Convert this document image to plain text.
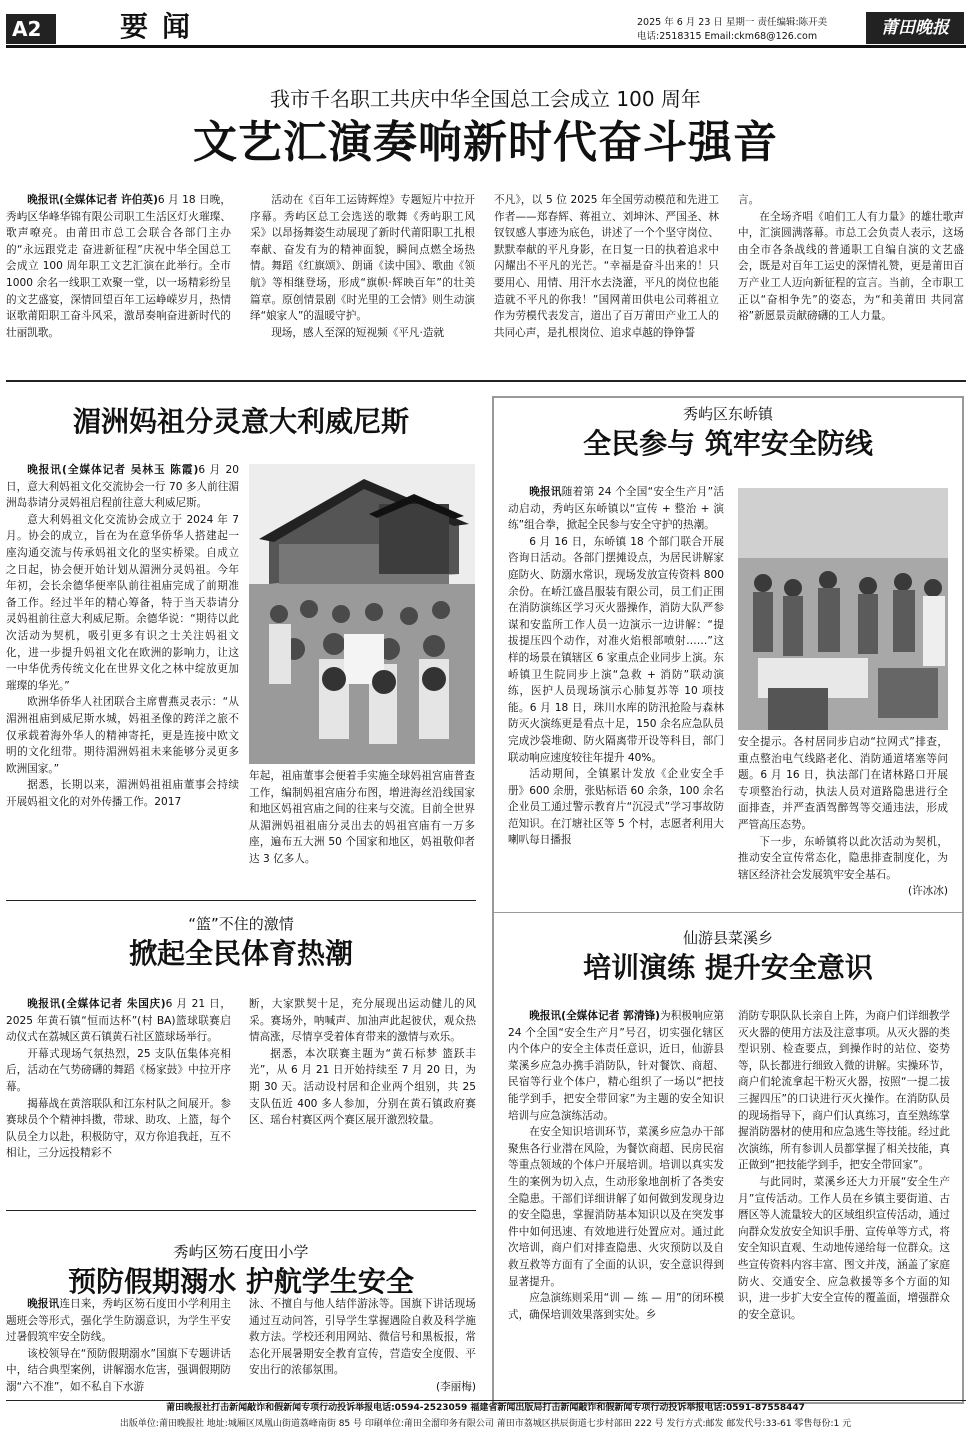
A2	要闻	2025 年 6 月 23 日 星期一 责任编辑:陈开美
电话:2518315 Email:ckm68@126.com	莆田晚报
我市千名职工共庆中华全国总工会成立 100 周年
文艺汇演奏响新时代奋斗强音

晚报讯(全媒体记者 许伯英)6 月 18 日晚，秀屿区华峰华锦有限公司职工生活区灯火璀璨、歌声嘹亮。由莆田市总工会联合各部门主办的“永远跟党走 奋进新征程”庆祝中华全国总工会成立 100 周年职工文艺汇演在此举行。全市 1000 余名一线职工欢聚一堂，以一场精彩纷呈的文艺盛宴，深情回望百年工运峥嵘岁月，热情讴歌莆阳职工奋斗风采，激昂奏响奋进新时代的壮丽凯歌。

活动在《百年工运铸辉煌》专题短片中拉开序幕。秀屿区总工会选送的歌舞《秀屿职工风采》以昂扬舞姿生动展现了新时代莆阳职工扎根奉献、奋发有为的精神面貌，瞬间点燃全场热情。舞蹈《红旗颂》、朗诵《读中国》、歌曲《领航》等相继登场，形成“旗帜·辉映百年”的壮美篇章。原创情景剧《时光里的工会情》则生动演绎“娘家人”的温暖守护。

现场，感人至深的短视频《平凡·造就

不凡》，以 5 位 2025 年全国劳动模范和先进工作者——郑春辉、蒋祖立、刘坤沐、严国圣、林钗钗感人事迹为底色，讲述了一个个坚守岗位、默默奉献的平凡身影，在日复一日的执着追求中闪耀出不平凡的光芒。“幸福是奋斗出来的！只要用心、用情、用汗水去浇灌，平凡的岗位也能造就不平凡的你我！”国网莆田供电公司蒋祖立作为劳模代表发言，道出了百万莆田产业工人的共同心声，是扎根岗位、追求卓越的铮铮誓

言。

在全场齐唱《咱们工人有力量》的雄壮歌声中，汇演圆满落幕。市总工会负责人表示，这场由全市各条战线的普通职工自编自演的文艺盛会，既是对百年工运史的深情礼赞，更是莆田百万产业工人迈向新征程的宣言。当前，全市职工正以“奋相争先”的姿态，为“和美莆田 共同富裕”新愿景贡献磅礴的工人力量。

湄洲妈祖分灵意大利威尼斯

晚报讯(全媒体记者 吴林玉 陈霞)6 月 20 日，意大利妈祖文化交流协会一行 70 多人前往湄洲岛恭请分灵妈祖启程前往意大利威尼斯。

意大利妈祖文化交流协会成立于 2024 年 7 月。协会的成立，旨在为在意华侨华人搭建起一座沟通交流与传承妈祖文化的坚实桥梁。自成立之日起，协会便开始计划从湄洲分灵妈祖。今年年初，会长余德华便率队前往祖庙完成了前期准备工作。经过半年的精心筹备，特于当天恭请分灵妈祖前往意大利威尼斯。余德华说：“期待以此次活动为契机，吸引更多有识之士关注妈祖文化，进一步提升妈祖文化在欧洲的影响力，让这一中华优秀传统文化在世界文化之林中绽放更加璀璨的华光。”

欧洲华侨华人社团联合主席曹燕灵表示：“从湄洲祖庙到威尼斯水城，妈祖圣像的跨洋之旅不仅承载着海外华人的精神寄托，更是连接中欧文明的文化纽带。期待湄洲妈祖未来能够分灵更多欧洲国家。”

据悉，长期以来，湄洲妈祖祖庙董事会持续开展妈祖文化的对外传播工作。2017

年起，祖庙董事会便着手实施全球妈祖宫庙普查工作，编制妈祖宫庙分布图，增进海丝沿线国家和地区妈祖宫庙之间的往来与交流。目前全世界从湄洲妈祖祖庙分灵出去的妈祖宫庙有一万多座，遍布五大洲 50 个国家和地区，妈祖敬仰者达 3 亿多人。

秀屿区东峤镇
全民参与 筑牢安全防线

晚报讯随着第 24 个全国“安全生产月”活动启动，秀屿区东峤镇以“宣传 + 整治 + 演练”组合拳，掀起全民参与安全守护的热潮。

6 月 16 日，东峤镇 18 个部门联合开展咨询日活动。各部门摆摊设点，为居民讲解家庭防火、防溺水常识，现场发放宣传资料 800 余份。在峤江盛昌服装有限公司，员工们正围在消防演练区学习灭火器操作，消防大队严参谋和安监所工作人员一边演示一边讲解：“提拔提压四个动作，对准火焰根部喷射……”这样的场景在镇辖区 6 家重点企业同步上演。东峤镇卫生院同步上演“急救 + 消防”联动演练，医护人员现场演示心肺复苏等 10 项技能。6 月 18 日，珠川水库的防汛抢险与森林防灭火演练更是看点十足，150 余名应急队员完成沙袋堆砌、防火隔离带开设等科目，部门联动响应速度较往年提升 40%。

活动期间，全镇累计发放《企业安全手册》600 余册，张贴标语 60 余条，100 余名企业员工通过警示教育片“沉浸式”学习事故防范知识。在汀塘社区等 5 个村，志愿者利用大喇叭每日播报

安全提示。各村居同步启动“拉网式”排查，重点整治电气线路老化、消防通道堵塞等问题。6 月 16 日，执法部门在诸林路口开展专项整治行动，执法人员对道路隐患进行全面排查，并严查酒驾醉驾等交通违法，形成严管高压态势。

下一步，东峤镇将以此次活动为契机，推动安全宣传常态化，隐患排查制度化，为辖区经济社会发展筑牢安全基石。

(许冰冰)

“篮”不住的激情
掀起全民体育热潮

晚报讯(全媒体记者 朱国庆)6 月 21 日，2025 年黄石镇“恒而达杯”(村 BA)篮球联赛启动仪式在荔城区黄石镇黄石社区篮球场举行。

开幕式现场气氛热烈，25 支队伍集体亮相后，活动在气势磅礴的舞蹈《杨家鼓》中拉开序幕。

揭幕战在黄溶联队和江东村队之间展开。参赛球员个个精神抖擞，带球、助攻、上篮，每个队员全力以赴，积极防守，双方你追我赶，互不相让，三分远投精彩不

断，大家默契十足，充分展现出运动健儿的风采。赛场外，呐喊声、加油声此起彼伏，观众热情高涨，尽情享受着体育带来的激情与欢乐。

据悉，本次联赛主题为“黄石标梦 篮跃丰光”，从 6 月 21 日开始持续至 7 月 20 日，为期 30 天。活动设村居和企业两个组别，共 25 支队伍近 400 多人参加，分别在黄石镇政府赛区、瑶台村赛区两个赛区展开激烈较量。

秀屿区笏石度田小学
预防假期溺水 护航学生安全

晚报讯连日来，秀屿区笏石度田小学利用主题班会等形式，强化学生防溺意识，为学生平安过暑假筑牢安全防线。

该校领导在“预防假期溺水”国旗下专题讲话中，结合典型案例，讲解溺水危害，强调假期防溺“六不准”，如不私自下水游

泳、不擅自与他人结伴游泳等。国旗下讲话现场通过互动问答，引导学生掌握遇险自救及科学施救方法。学校还利用网站、微信号和黑板报，常态化开展暑期安全教育宣传，营造安全度假、平安出行的浓郁氛围。

(李丽梅)

仙游县菜溪乡
培训演练 提升安全意识

晚报讯(全媒体记者 郭清锋)为积极响应第 24 个全国“安全生产月”号召，切实强化辖区内个体户的安全主体责任意识，近日，仙游县菜溪乡应急办携手消防队，针对餐饮、商超、民宿等行业个体户，精心组织了一场以“把技能学到手，把安全带回家”为主题的安全知识培训与应急演练活动。

在安全知识培训环节，菜溪乡应急办干部聚焦各行业潜在风险，为餐饮商超、民房民宿等重点领域的个体户开展培训。培训以真实发生的案例为切入点，生动形象地剖析了各类安全隐患。干部们详细讲解了如何做到发现身边的安全隐患，掌握消防基本知识以及在突发事件中如何迅速、有效地进行处置应对。通过此次培训，商户们对排查隐患、火灾预防以及自救互救等方面有了全面的认识，安全意识得到显著提升。

应急演练则采用“训 — 练 — 用”的闭环模式，确保培训效果落到实处。乡

消防专职队队长亲自上阵，为商户们详细教学灭火器的使用方法及注意事项。从灭火器的类型识别、检查要点，到操作时的站位、姿势等，队长都进行细致入微的讲解。实操环节，商户们轮流拿起干粉灭火器，按照“一提二拔三握四压”的口诀进行灭火操作。在消防队员的现场指导下，商户们认真练习，直至熟练掌握消防器材的使用和应急逃生等技能。经过此次演练，所有参训人员都掌握了相关技能，真正做到“把技能学到手，把安全带回家”。

与此同时，菜溪乡还大力开展“安全生产月”宣传活动。工作人员在乡镇主要街道、古暦区等人流量较大的区域组织宣传活动，通过向群众发放安全知识手册、宣传单等方式，将安全知识直观、生动地传递给每一位群众。这些宣传资料内容丰富、图文并茂，涵盖了家庭防火、交通安全、应急救援等多个方面的知识，进一步扩大安全宣传的覆盖面，增强群众的安全意识。

莆田晚报社打击新闻敲诈和假新闻专项行动投诉举报电话:0594-2523059 福建省新闻出版局打击新闻敲诈和假新闻专项行动投诉举报电话:0591-87558447
出版单位:莆田晚报社 地址:城厢区凤凰山街道荔峰南街 85 号 印刷单位:莆田全溜印务有限公司 莆田市荔城区拱辰街道七步村部田 222 号 发行方式:邮发 邮发代号:33-61 零售每份:1 元
